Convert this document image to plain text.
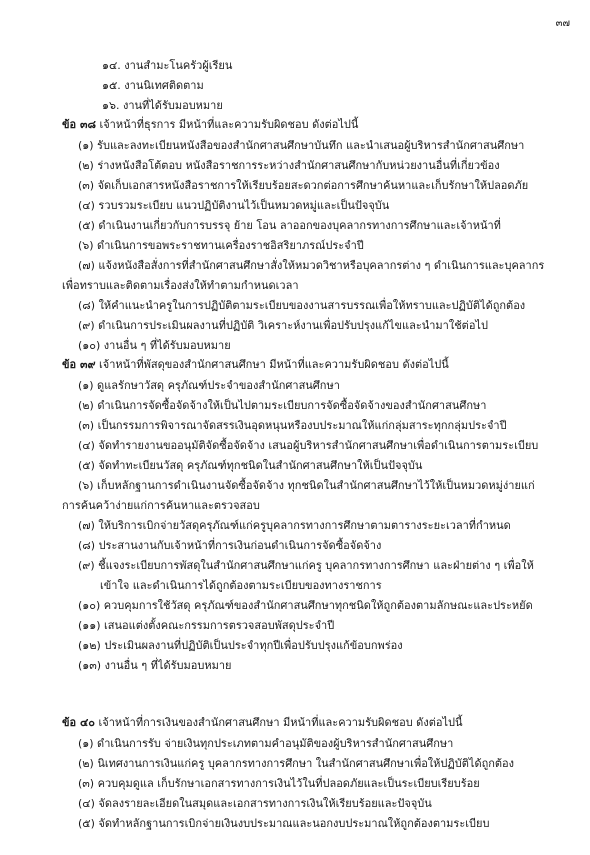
๓๗
๑๔. งานสำมะโนครัวผู้เรียน
๑๕. งานนิเทศติดตาม
๑๖. งานที่ได้รับมอบหมาย
ข้อ ๓๘ เจ้าหน้าที่ธุรการ มีหน้าที่และความรับผิดชอบ ดังต่อไปนี้
(๑) รับและลงทะเบียนหนังสือของสำนักศาสนศึกษาบันทึก และนำเสนอผู้บริหารสำนักศาสนศึกษา
(๒) ร่างหนังสือโต้ตอบ หนังสือราชการระหว่างสำนักศาสนศึกษากับหน่วยงานอื่นที่เกี่ยวข้อง
(๓) จัดเก็บเอกสารหนังสือราชการให้เรียบร้อยสะดวกต่อการศึกษาค้นหาและเก็บรักษาให้ปลอดภัย
(๔) รวบรวมระเบียบ แนวปฏิบัติงานไว้เป็นหมวดหมู่และเป็นปัจจุบัน
(๕) ดำเนินงานเกี่ยวกับการบรรจุ ย้าย โอน ลาออกของบุคลากรทางการศึกษาและเจ้าหน้าที่
(๖) ดำเนินการขอพระราชทานเครื่องราชอิสริยาภรณ์ประจำปี
(๗) แจ้งหนังสือสั่งการที่สำนักศาสนศึกษาสั่งให้หมวดวิชาหรือบุคลากรต่าง ๆ ดำเนินการและบุคลากร
เพื่อทราบและติดตามเรื่องส่งให้ทำตามกำหนดเวลา
(๘) ให้คำแนะนำครูในการปฏิบัติตามระเบียบของงานสารบรรณเพื่อให้ทราบและปฏิบัติได้ถูกต้อง
(๙) ดำเนินการประเมินผลงานที่ปฏิบัติ วิเคราะห์งานเพื่อปรับปรุงแก้ไขและนำมาใช้ต่อไป
(๑๐) งานอื่น ๆ ที่ได้รับมอบหมาย
ข้อ ๓๙ เจ้าหน้าที่พัสดุของสำนักศาสนศึกษา มีหน้าที่และความรับผิดชอบ ดังต่อไปนี้
(๑) ดูแลรักษาวัสดุ ครุภัณฑ์ประจำของสำนักศาสนศึกษา
(๒) ดำเนินการจัดซื้อจัดจ้างให้เป็นไปตามระเบียบการจัดซื้อจัดจ้างของสำนักศาสนศึกษา
(๓) เป็นกรรมการพิจารณาจัดสรรเงินอุดหนุนหรืองบประมาณให้แก่กลุ่มสาระทุกกลุ่มประจำปี
(๔) จัดทำรายงานขออนุมัติจัดซื้อจัดจ้าง เสนอผู้บริหารสำนักศาสนศึกษาเพื่อดำเนินการตามระเบียบ
(๕) จัดทำทะเบียนวัสดุ ครุภัณฑ์ทุกชนิดในสำนักศาสนศึกษาให้เป็นปัจจุบัน
(๖) เก็บหลักฐานการดำเนินงานจัดซื้อจัดจ้าง ทุกชนิดในสำนักศาสนศึกษาไว้ให้เป็นหมวดหมู่ง่ายแก่
การค้นคว้าง่ายแก่การค้นหาและตรวจสอบ
(๗) ให้บริการเบิกจ่ายวัสดุครุภัณฑ์แก่ครูบุคลากรทางการศึกษาตามตารางระยะเวลาที่กำหนด
(๘) ประสานงานกับเจ้าหน้าที่การเงินก่อนดำเนินการจัดซื้อจัดจ้าง
(๙) ชี้แจงระเบียบการพัสดุในสำนักศาสนศึกษาแก่ครู บุคลากรทางการศึกษา และฝ่ายต่าง ๆ เพื่อให้
เข้าใจ และดำเนินการได้ถูกต้องตามระเบียบของทางราชการ
(๑๐) ควบคุมการใช้วัสดุ ครุภัณฑ์ของสำนักศาสนศึกษาทุกชนิดให้ถูกต้องตามลักษณะและประหยัด
(๑๑) เสนอแต่งตั้งคณะกรรมการตรวจสอบพัสดุประจำปี
(๑๒) ประเมินผลงานที่ปฏิบัติเป็นประจำทุกปีเพื่อปรับปรุงแก้ข้อบกพร่อง
(๑๓) งานอื่น ๆ ที่ได้รับมอบหมาย
ข้อ ๔๐ เจ้าหน้าที่การเงินของสำนักศาสนศึกษา มีหน้าที่และความรับผิดชอบ ดังต่อไปนี้
(๑) ดำเนินการรับ จ่ายเงินทุกประเภทตามคำอนุมัติของผู้บริหารสำนักศาสนศึกษา
(๒) นิเทศงานการเงินแก่ครู บุคลากรทางการศึกษา ในสำนักศาสนศึกษาเพื่อให้ปฏิบัติได้ถูกต้อง
(๓) ควบคุมดูแล เก็บรักษาเอกสารทางการเงินไว้ในที่ปลอดภัยและเป็นระเบียบเรียบร้อย
(๔) จัดลงรายละเอียดในสมุดและเอกสารทางการเงินให้เรียบร้อยและปัจจุบัน
(๕) จัดทำหลักฐานการเบิกจ่ายเงินงบประมาณและนอกงบประมาณให้ถูกต้องตามระเบียบ
